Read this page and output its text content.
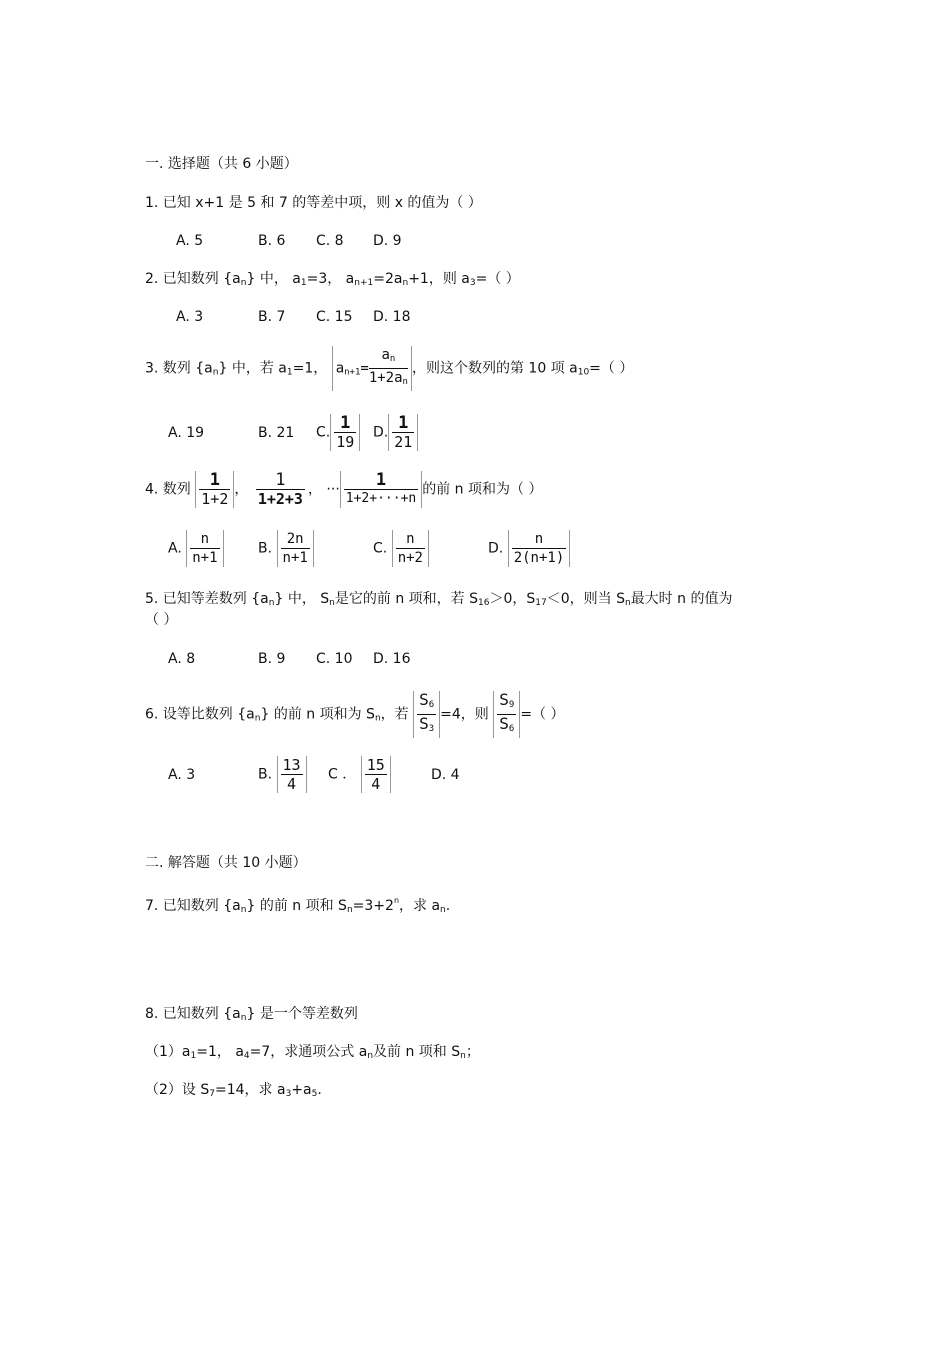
一. 选择题（共 6 小题）
1. 已知 x+1 是 5 和 7 的等差中项，则 x 的值为（ ）
A. 5	B. 6 C. 8 D. 9
2. 已知数列 $\{a_n\}$ 中， $a_1=3$， $a_{n+1}=2a_n+1$，则 $a_3=$（ ）
A. 3	B. 7 C. 15 D. 18
3. 数列 $\{a_n\}$ 中，若 $a_1=1$， $a_{n+1}= \frac{a_n}{1+2a_n}$ ，则这个数列的第 10 项 $a_{10}=$（ ）
A. 19	B. 21 C. $\frac{1}{19} D$. $\frac{1}{21}$
4. 数列 $\frac{1}{1+2}$ ， $\frac{1}{1+2+3}$ ， ··· $\frac{1}{1+2+\cdot\cdot\cdot+n}$ 的前 n 项和为（ ）
A. $\frac{n}{n+1} B$. $\frac{2n}{n+1}$	C. $\frac{n}{n+2}$	D. $\frac{n}{2(n+1)}$
5. 已知等差数列 $\{a_n\}$ 中， $S_n$是它的前 n 项和，若 $S_{16}>0$，$S_{17}<0$，则当 $S_n$最大时 n 的值为
（ ）
A. 8	B. 9 C. 10 D. 16
6. 设等比数列 $\{a_n\}$ 的前 n 项和为 $S_n$，若 $\frac{S_6}{S_3} =4$，则 $\frac{S_9}{S_6}$ =（ ）
A. 3	B. $\frac{13}{4}$ C ． $\frac{15}{4}$	D. 4
二. 解答题（共 10 小题）
7. 已知数列 $\{a_n\}$ 的前 n 项和 $S_n=3+2^n$，求 $a_n$.
8. 已知数列 $\{a_n\}$ 是一个等差数列
$(1)a_1=1$， $a_4=7$，求通项公式 $a_n$及前 n 项和 $S_n$；
（2）设 $S_7=14$，求 $a_3+a_5$.
